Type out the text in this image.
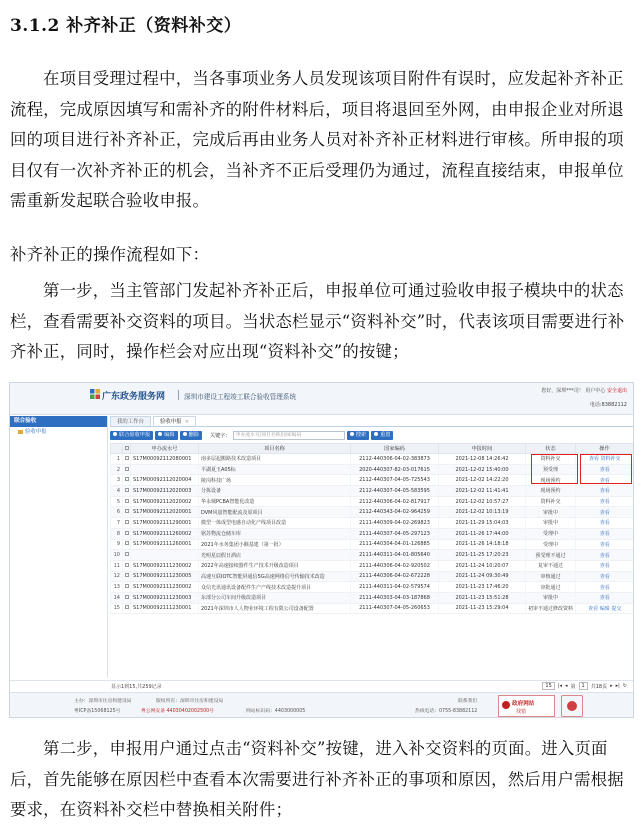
3.1.2 补齐补正（资料补交）
在项目受理过程中，当各事项业务人员发现该项目附件有误时，应发起补齐补正流程，完成原因填写和需补齐的附件材料后，项目将退回至外网，由申报企业对所退回的项目进行补齐补正，完成后再由业务人员对补齐补正材料进行审核。所申报的项目仅有一次补齐补正的机会，当补齐不正后受理仍为通过，流程直接结束，申报单位需重新发起联合验收申报。
补齐补正的操作流程如下：
第一步，当主管部门发起补齐补正后，申报单位可通过验收申报子模块中的状态栏，查看需要补交资料的项目。当状态栏显示“资料补交”时，代表该项目需要进行补齐补正，同时，操作栏会对应出现“资料补交”的按键；
广东政务服务网	深圳市建设工程竣工联合验收管理系统
您好，深圳***司！ 用户中心 安全退出
电话:83882112
联合验收
验收申报
我的工作台	验收申报 ×
联合验收申报	编辑	删除	关键字：	申办流水号/项目名称/国家编码	搜索	重置
		申办流水号	项目名称	国家编码	申报时间	状态	操作
1		S17M00092112080001	南多层起搬路技术改造项目	2112-440306-04-02-383873	2021-12-08 14:26:42	资料补交	查看 资料补交
2			平湖夏玉A05标	2020-440307-82-03-017615	2021-12-02 15:40:00	预受理	查看
3		S17M00092112020004	陵岗科技广场	2112-440307-04-05-725543	2021-12-02 14:22:20	现场预约	查看
4		S17M00092112020003	分拣设备	2112-440307-04-05-583595	2021-12-02 11:41:41	现场预约	查看
5		S17M00092112020002	华永城PCBA智能化改造	2112-440306-04-02-817917	2021-12-02 10:57:27	资料补交	查看
6		S17M00092112020001	DVM风量智能配流及原项目	2112-440343-04-02-964259	2021-12-02 10:13:19	审批中	查看
7		S17M00092111290001	微型一体成型电感自动化产线项目改造	2111-440309-04-02-269823	2021-11-29 15:04:03	审批中	查看
8		S17M00092111260002	铭苏物流仓储车库	2111-440307-04-05-297123	2021-11-26 17:44:00	受理中	查看
9		S17M00092111260001	2021年水务集团小额基建（第一批）	2111-440304-04-01-126885	2021-11-26 14:18:18	受理中	查看
10			光明星辰假日酒店	2111-440311-04-01-805640	2021-11-25 17:20:23	预受理不通过	查看
11		S17M00092111230002	2022年高速接续器件生产技术升级改造项目	2111-440306-04-02-920502	2021-11-24 10:20:07	复审不通过	查看
12		S17M00092111230005	高速互联IOTC智能屏通信5G高速网络信号传输技术改造	2111-440306-04-02-672228	2021-11-24 09:30:49	审核通过	查看
13		S17M00092111230002	众信光讯通讯设备配件生产产线技术改造提升项目	2111-440311-04-02-579574	2021-11-23 17:46:20	审批通过	查看
14		S17M00092111230003	东部分公司车间升级改造项目	2111-440303-04-03-187868	2021-11-23 15:51:28	审批中	查看
15		S17M00092111230001	2021年深圳市人人物业环境工程有限公司设备配置	2111-440307-04-05-260653	2021-11-23 15:29:04	初审不通过修改资料	查看 编辑 提交
显示1到15,共259记录	15	|◂ ◂ 第	1	共18页 ▸ ▸| ↻
主办：深圳市住房和建设局	版权所有：深圳市住房和建设局
粤ICP备15068125号	粤公网安备 44030402002500号	网站标识码：4403000005
联系我们
热线电话：0755-83882112
政府网站
找错
第二步，申报用户通过点击“资料补交”按键，进入补交资料的页面。进入页面后，首先能够在原因栏中查看本次需要进行补齐补正的事项和原因，然后用户需根据要求，在资料补交栏中替换相关附件；
